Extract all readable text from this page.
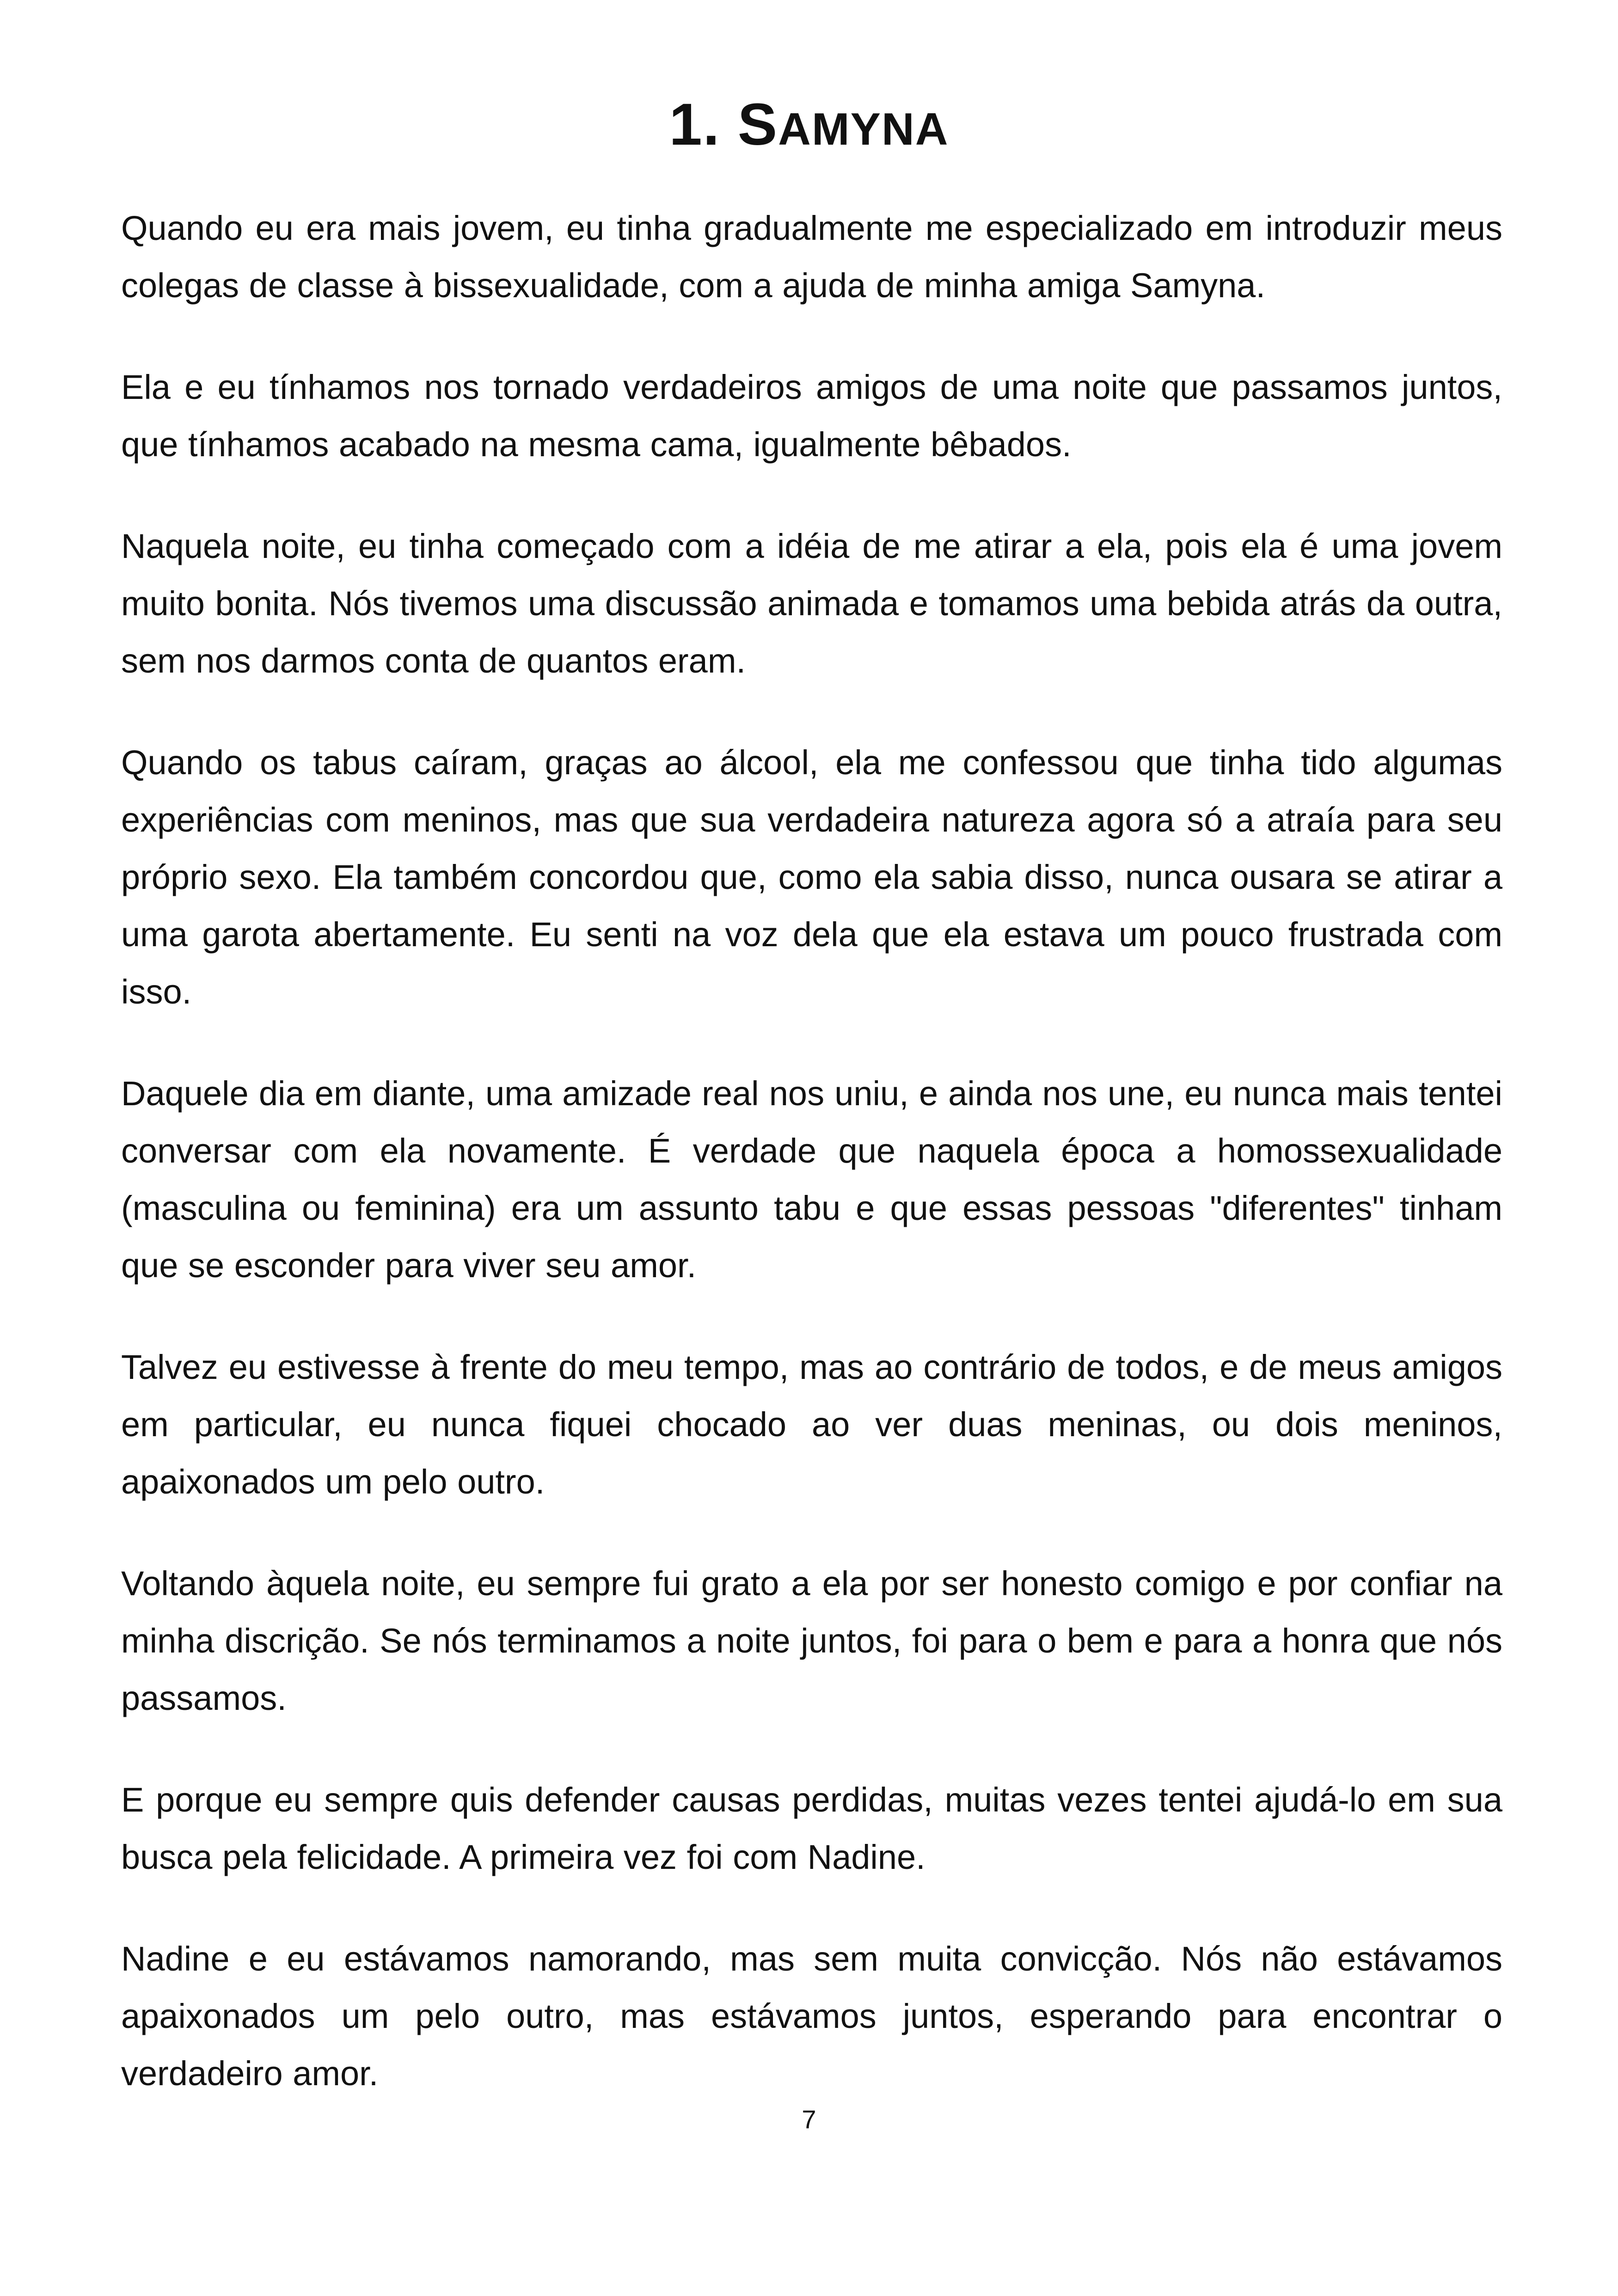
1. SAMYNA

Quando eu era mais jovem, eu tinha gradualmente me especializado em introduzir meus colegas de classe à bissexualidade, com a ajuda de minha amiga Samyna.

Ela e eu tínhamos nos tornado verdadeiros amigos de uma noite que passamos juntos, que tínhamos acabado na mesma cama, igualmente bêbados.

Naquela noite, eu tinha começado com a idéia de me atirar a ela, pois ela é uma jovem muito bonita. Nós tivemos uma discussão animada e tomamos uma bebida atrás da outra, sem nos darmos conta de quantos eram.

Quando os tabus caíram, graças ao álcool, ela me confessou que tinha tido algumas experiências com meninos, mas que sua verdadeira natureza agora só a atraía para seu próprio sexo. Ela também concordou que, como ela sabia disso, nunca ousara se atirar a uma garota abertamente. Eu senti na voz dela que ela estava um pouco frustrada com isso.

Daquele dia em diante, uma amizade real nos uniu, e ainda nos une, eu nunca mais tentei conversar com ela novamente. É verdade que naquela época a homossexualidade (masculina ou feminina) era um assunto tabu e que essas pessoas "diferentes" tinham que se esconder para viver seu amor.

Talvez eu estivesse à frente do meu tempo, mas ao contrário de todos, e de meus amigos em particular, eu nunca fiquei chocado ao ver duas meninas, ou dois meninos, apaixonados um pelo outro.

Voltando àquela noite, eu sempre fui grato a ela por ser honesto comigo e por confiar na minha discrição. Se nós terminamos a noite juntos, foi para o bem e para a honra que nós passamos.

E porque eu sempre quis defender causas perdidas, muitas vezes tentei ajudá-lo em sua busca pela felicidade. A primeira vez foi com Nadine.

Nadine e eu estávamos namorando, mas sem muita convicção. Nós não estávamos apaixonados um pelo outro, mas estávamos juntos, esperando para encontrar o verdadeiro amor.

7
